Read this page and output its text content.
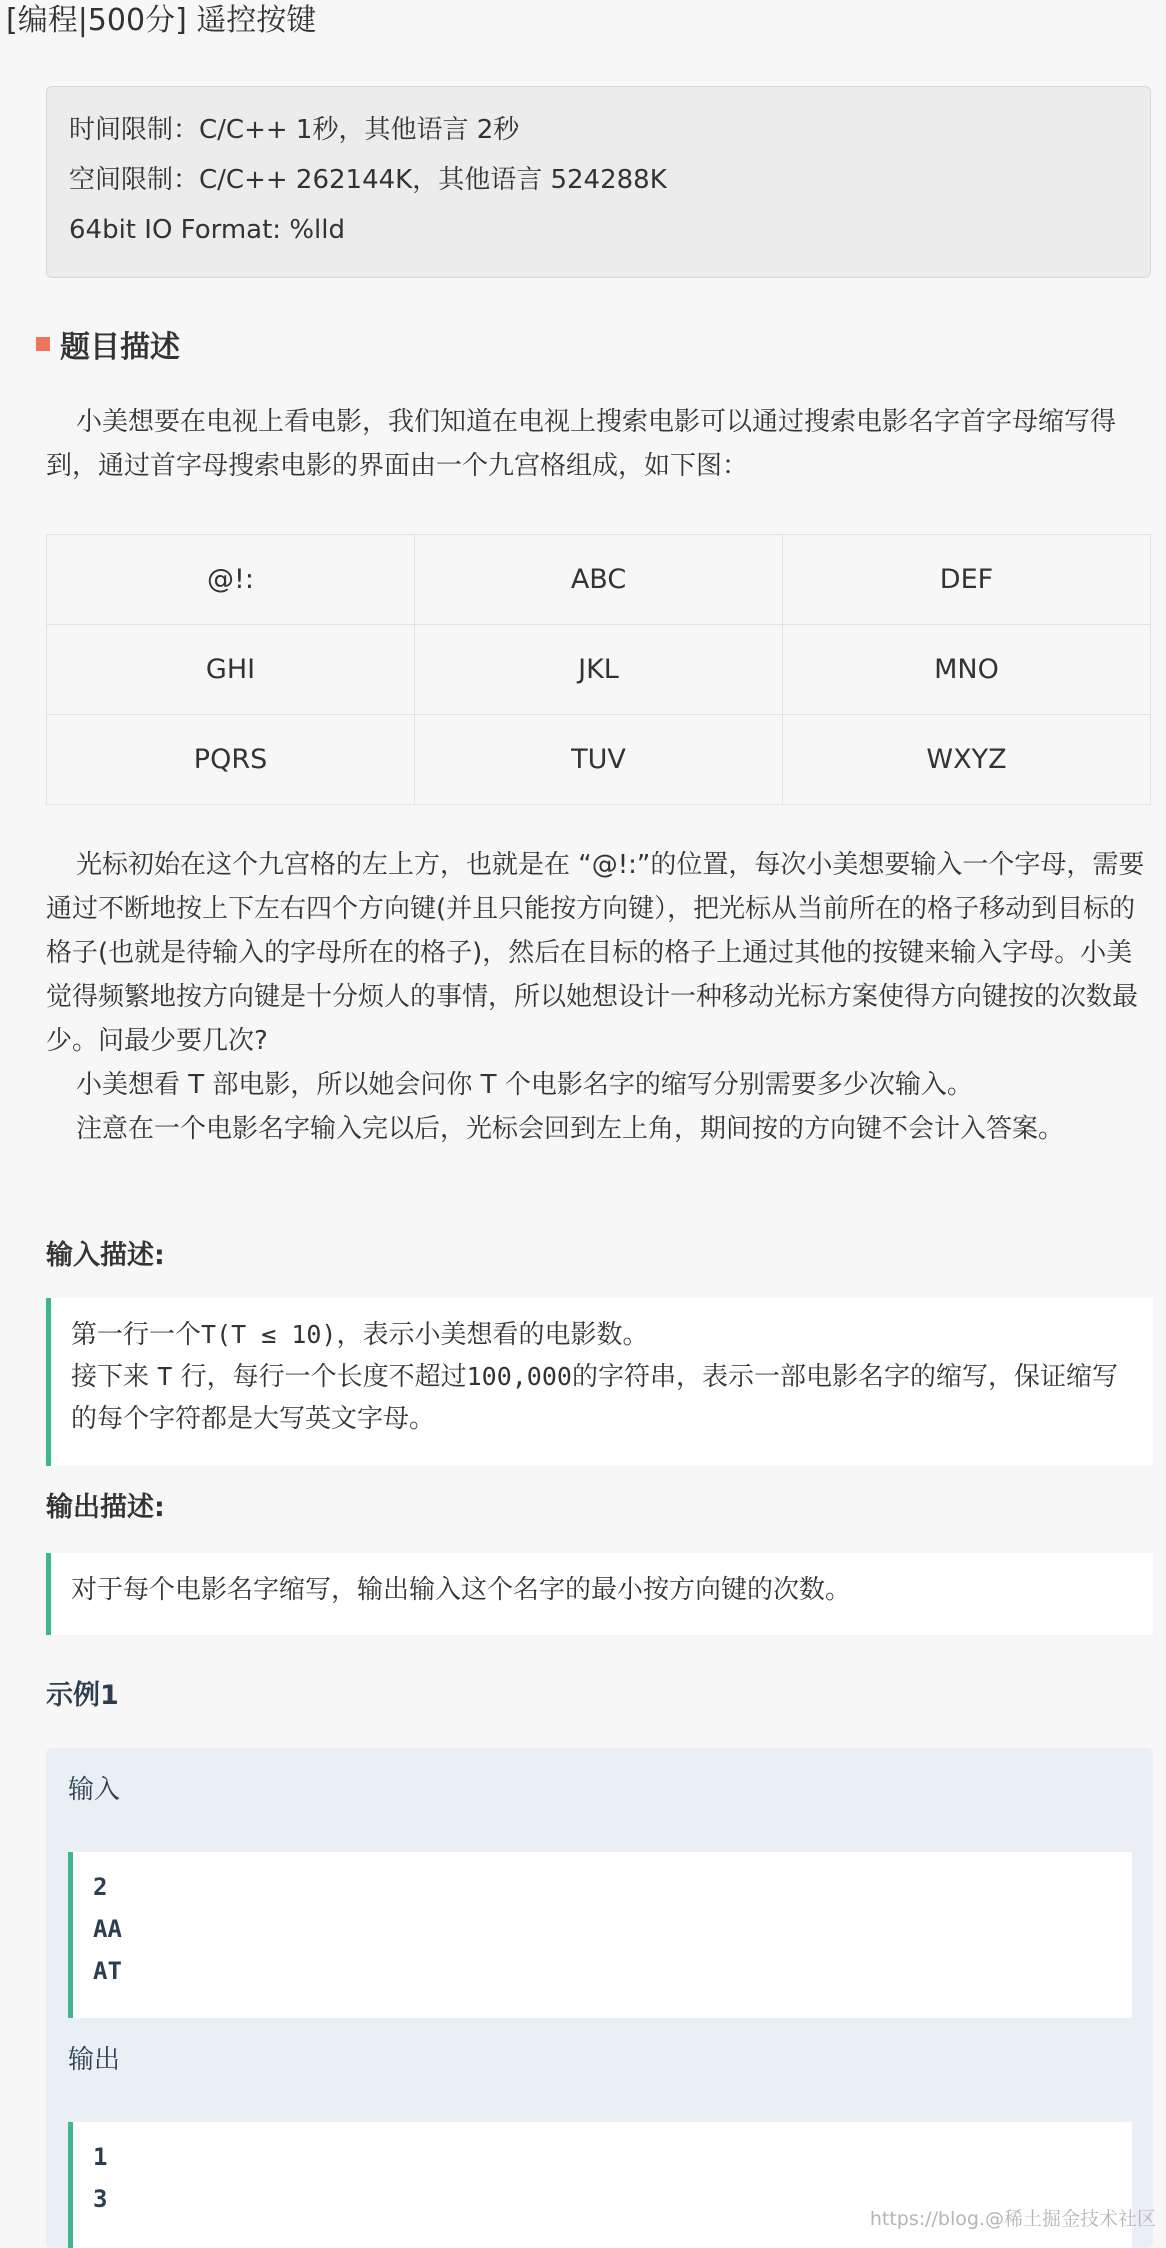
[编程|500分] 遥控按键
时间限制：C/C++ 1秒，其他语言 2秒
空间限制：C/C++ 262144K，其他语言 524288K
64bit IO Format: %lld
题目描述

小美想要在电视上看电影，我们知道在电视上搜索电影可以通过搜索电影名字首字母缩写得到，通过首字母搜索电影的界面由一个九宫格组成，如下图：

@!:	ABC	DEF
GHI	JKL	MNO
PQRS	TUV	WXYZ

光标初始在这个九宫格的左上方，也就是在 “@!:”的位置，每次小美想要输入一个字母，需要通过不断地按上下左右四个方向键(并且只能按方向键），把光标从当前所在的格子移动到目标的格子(也就是待输入的字母所在的格子)，然后在目标的格子上通过其他的按键来输入字母。小美觉得频繁地按方向键是十分烦人的事情，所以她想设计一种移动光标方案使得方向键按的次数最少。问最少要几次?

小美想看 T 部电影，所以她会问你 T 个电影名字的缩写分别需要多少次输入。

注意在一个电影名字输入完以后，光标会回到左上角，期间按的方向键不会计入答案。

输入描述:
第一行一个T(T ≤ 10)，表示小美想看的电影数。
接下来 T 行，每行一个长度不超过100,000的字符串，表示一部电影名字的缩写，保证缩写的每个字符都是大写英文字母。
输出描述:
对于每个电影名字缩写，输出输入这个名字的最小按方向键的次数。
示例1
输入
2
AA
AT
输出
1
3
https://blog.@稀土掘金技术社区
